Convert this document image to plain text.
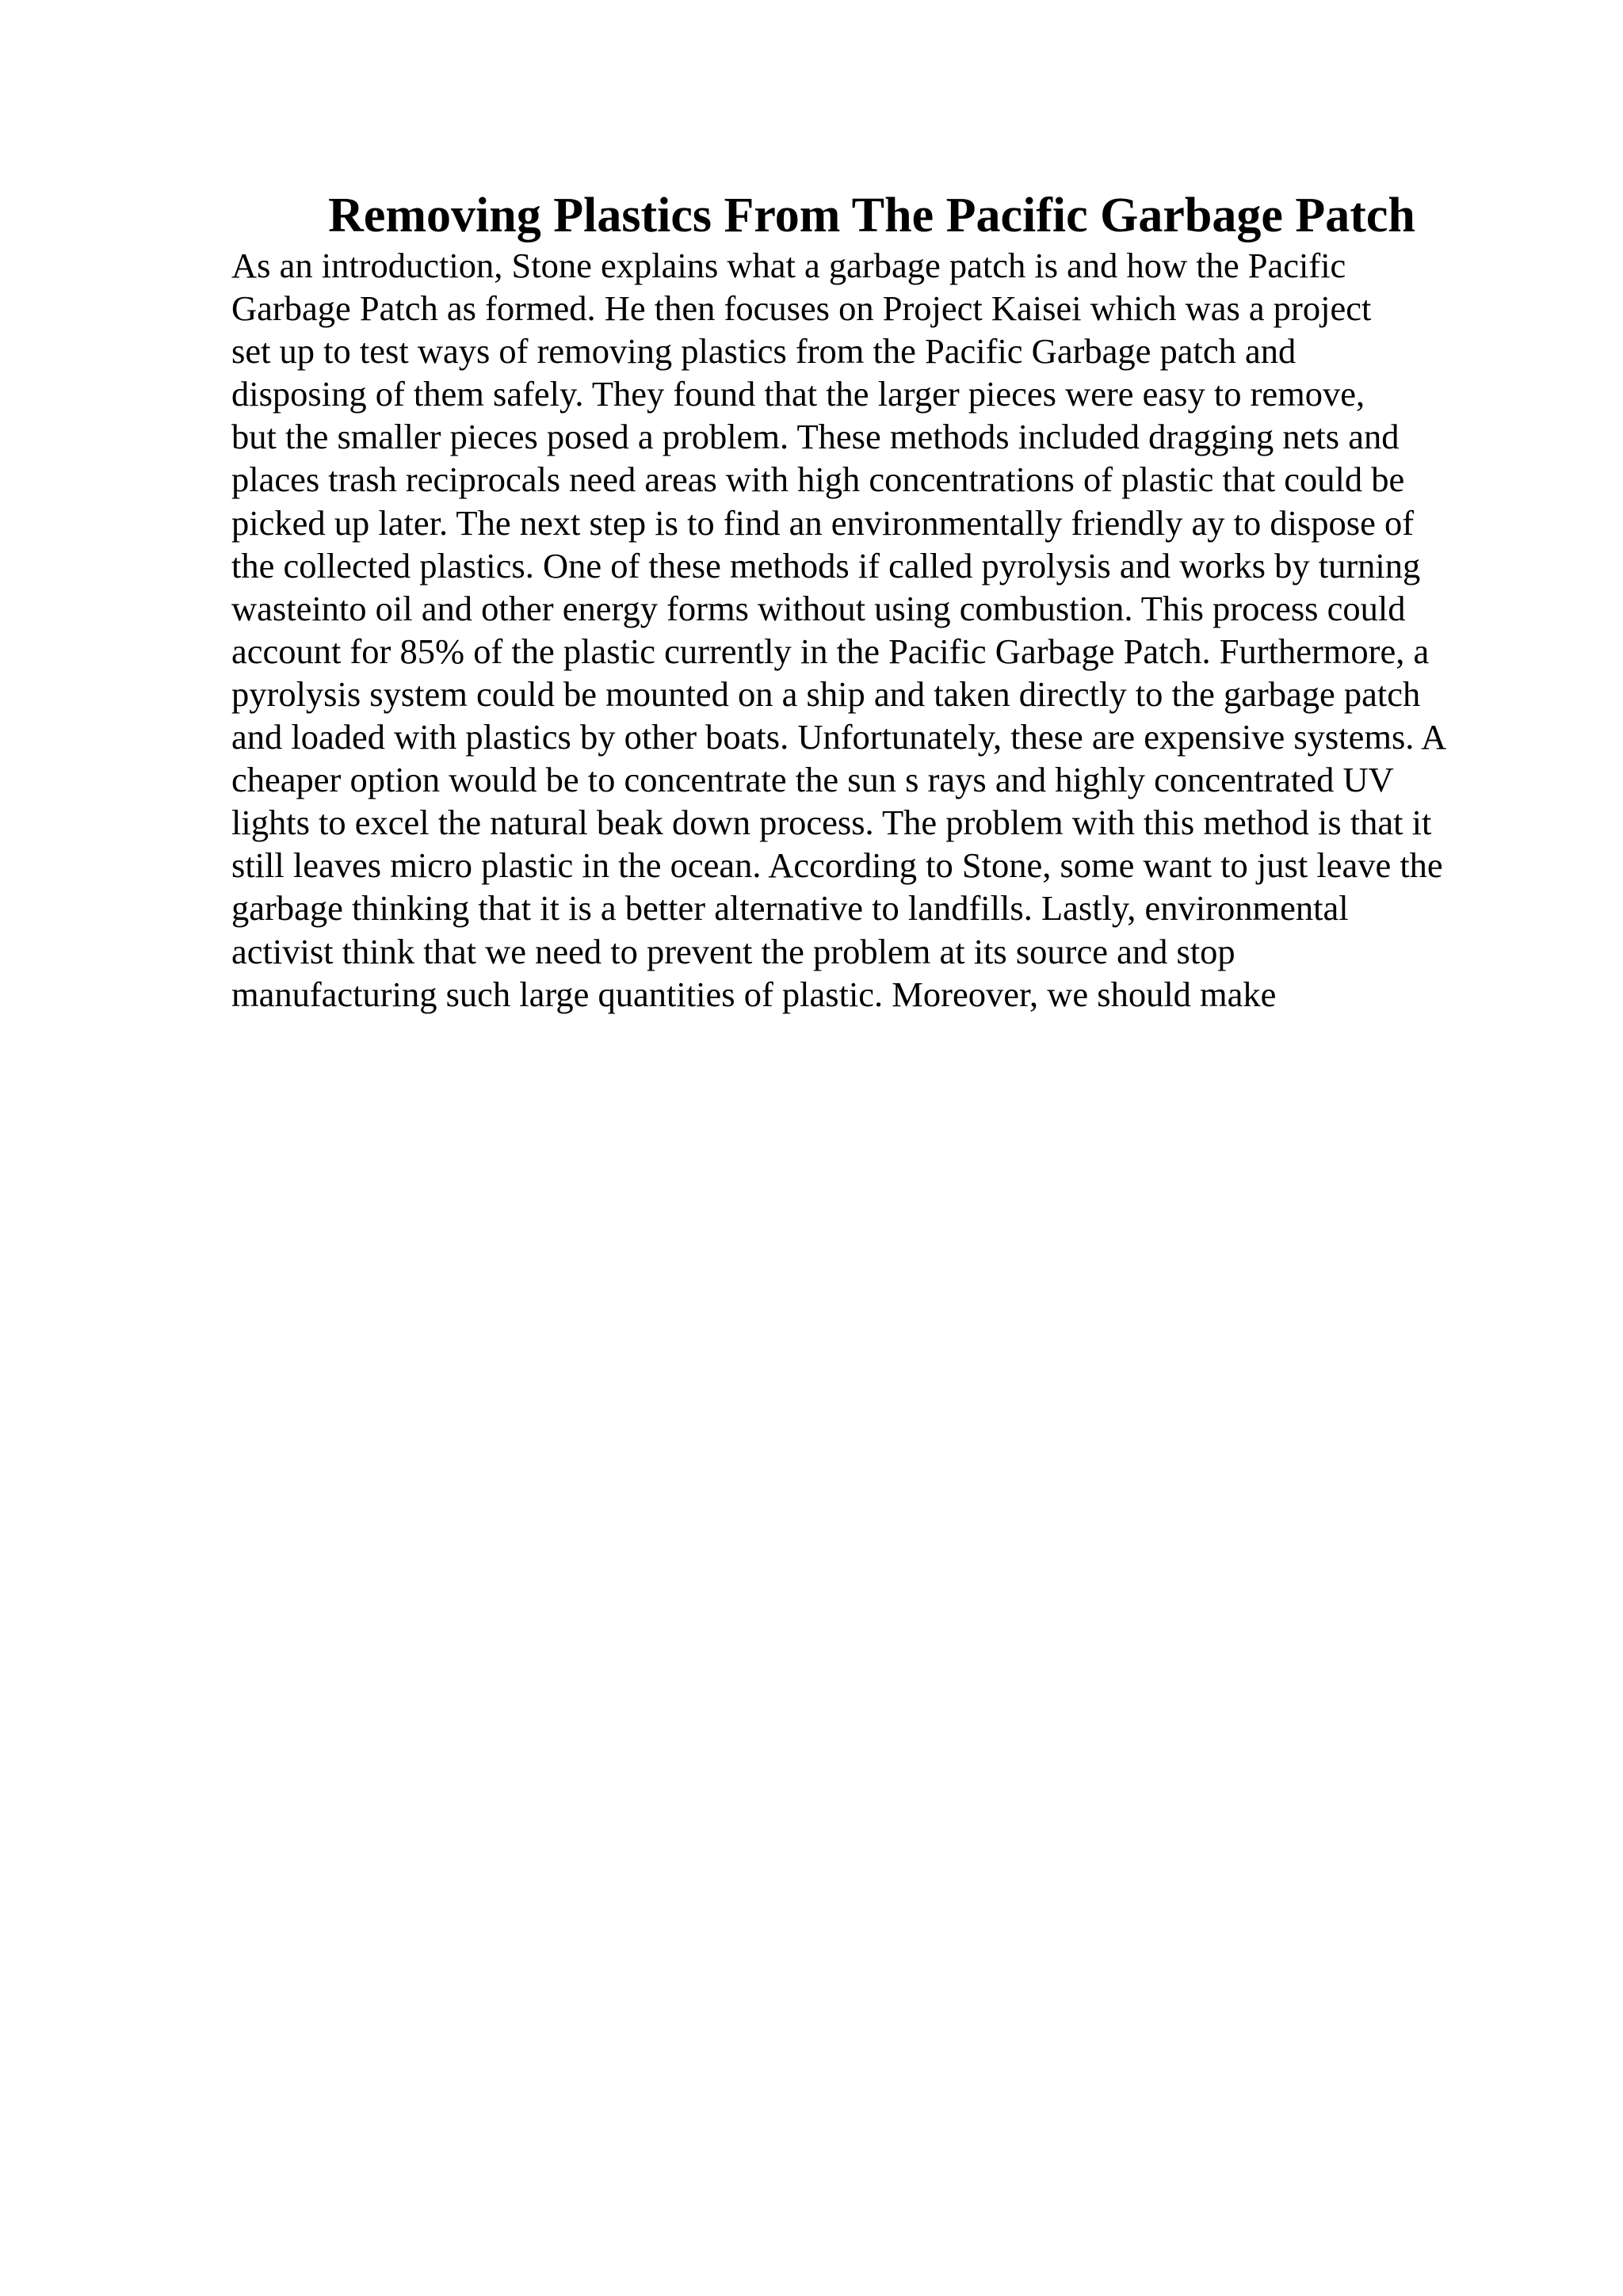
Removing Plastics From The Pacific Garbage Patch
As an introduction, Stone explains what a garbage patch is and how the Pacific
Garbage Patch as formed. He then focuses on Project Kaisei which was a project
set up to test ways of removing plastics from the Pacific Garbage patch and
disposing of them safely. They found that the larger pieces were easy to remove,
but the smaller pieces posed a problem. These methods included dragging nets and
places trash reciprocals need areas with high concentrations of plastic that could be
picked up later. The next step is to find an environmentally friendly ay to dispose of
the collected plastics. One of these methods if called pyrolysis and works by turning
wasteinto oil and other energy forms without using combustion. This process could
account for 85% of the plastic currently in the Pacific Garbage Patch. Furthermore, a
pyrolysis system could be mounted on a ship and taken directly to the garbage patch
and loaded with plastics by other boats. Unfortunately, these are expensive systems. A
cheaper option would be to concentrate the sun s rays and highly concentrated UV
lights to excel the natural beak down process. The problem with this method is that it
still leaves micro plastic in the ocean. According to Stone, some want to just leave the
garbage thinking that it is a better alternative to landfills. Lastly, environmental
activist think that we need to prevent the problem at its source and stop
manufacturing such large quantities of plastic. Moreover, we should make
